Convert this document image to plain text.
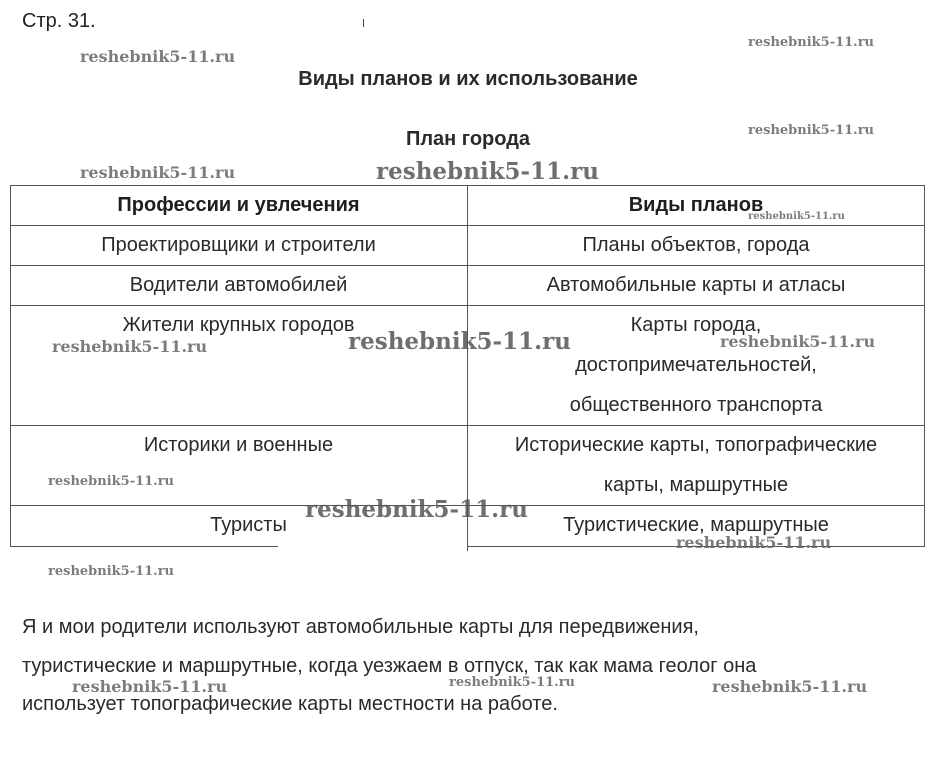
Стр. 31.
Виды планов и их использование
План города
Профессии и увлечения	Виды планов
Проектировщики и строители	Планы объектов, города
Водители автомобилей	Автомобильные карты и атласы
Жители крупных городов	Карты города,
достопримечательностей,
общественного транспорта
Историки и военные	Исторические карты, топографические
карты, маршрутные
Туристы	Туристические, маршрутные
Я и мои родители используют автомобильные карты для передвижения,
туристические и маршрутные, когда уезжаем в отпуск, так как мама геолог она
использует топографические карты местности на работе.
reshebnik5-11.ru
reshebnik5-11.ru
reshebnik5-11.ru
reshebnik5-11.ru	reshebnik5-11.ru
reshebnik5-11.ru
reshebnik5-11.ru	reshebnik5-11.ru	reshebnik5-11.ru
reshebnik5-11.ru
reshebnik5-11.ru
reshebnik5-11.ru
reshebnik5-11.ru
reshebnik5-11.ru	reshebnik5-11.ru	reshebnik5-11.ru
